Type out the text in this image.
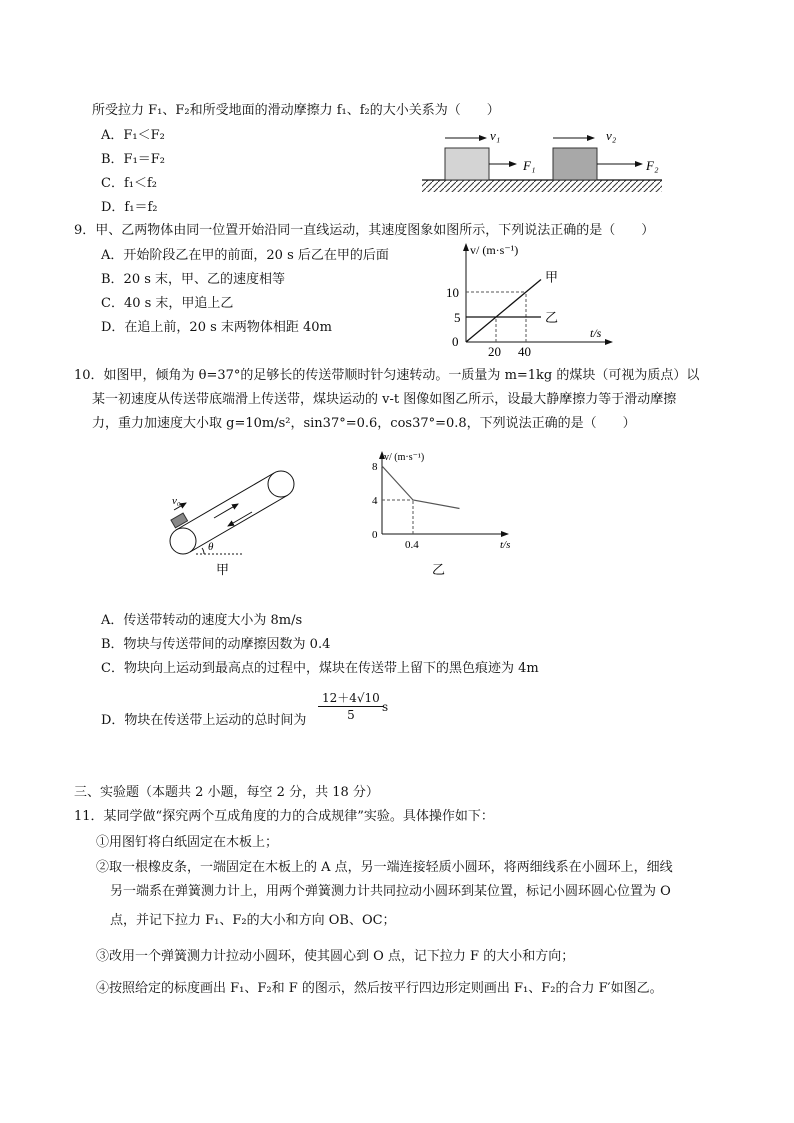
所受拉力 F₁、F₂和所受地面的滑动摩擦力 f₁、f₂的大小关系为（　　）
A．F₁＜F₂
B．F₁＝F₂
C．f₁＜f₂
D．f₁＝f₂
v₁	v₂
F₁	F₂
9．甲、乙两物体由同一位置开始沿同一直线运动，其速度图象如图所示，下列说法正确的是（　　）
A．开始阶段乙在甲的前面，20 s 后乙在甲的后面
B．20 s 末，甲、乙的速度相等
C．40 s 末，甲追上乙
D．在追上前，20 s 末两物体相距 40m
v/ (m·s⁻¹)
t/s
0
20 40
5
10
甲
乙
10．如图甲，倾角为 θ=37°的足够长的传送带顺时针匀速转动。一质量为 m=1kg 的煤块（可视为质点）以
某一初速度从传送带底端滑上传送带，煤块运动的 v-t 图像如图乙所示，设最大静摩擦力等于滑动摩擦
力，重力加速度大小取 g=10m/s²，sin37°=0.6，cos37°=0.8，下列说法正确的是（　　）
v₀
θ
甲
v/ (m·s⁻¹)
t/s
0
4
8
0.4
乙
A．传送带转动的速度大小为 8m/s
B．物块与传送带间的动摩擦因数为 0.4
C．物块向上运动到最高点的过程中，煤块在传送带上留下的黑色痕迹为 4m
D．物块在传送带上运动的总时间为 $\frac{12+4√10}{5}$
s
三、实验题（本题共 2 小题，每空 2 分，共 18 分）
11．某同学做“探究两个互成角度的力的合成规律”实验。具体操作如下：
①用图钉将白纸固定在木板上；
②取一根橡皮条，一端固定在木板上的 A 点，另一端连接轻质小圆环，将两细线系在小圆环上，细线
另一端系在弹簧测力计上，用两个弹簧测力计共同拉动小圆环到某位置，标记小圆环圆心位置为 O
点，并记下拉力 F₁、F₂的大小和方向 OB、OC；
③改用一个弹簧测力计拉动小圆环，使其圆心到 O 点，记下拉力 F 的大小和方向；
④按照给定的标度画出 F₁、F₂和 F 的图示，然后按平行四边形定则画出 F₁、F₂的合力 F′如图乙。
